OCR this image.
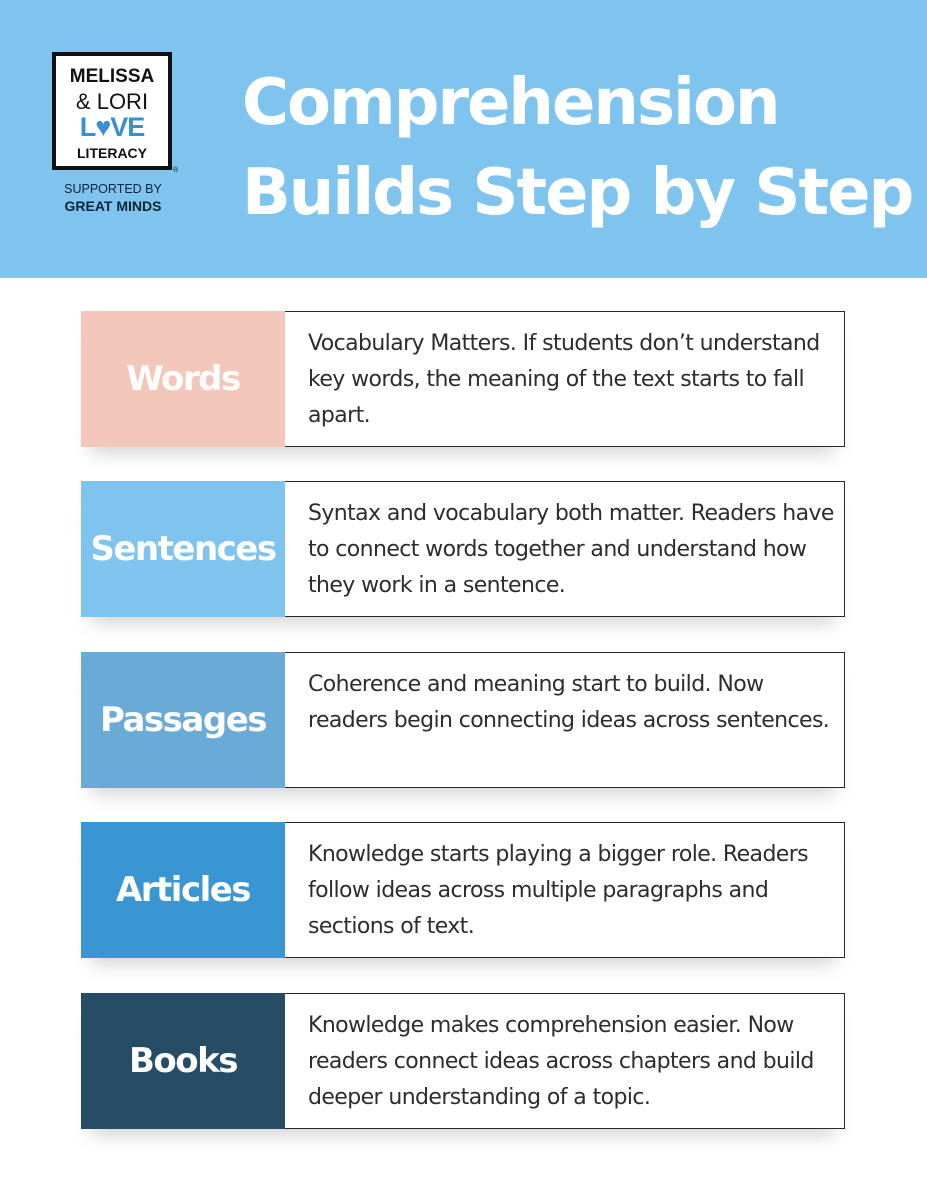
MELISSA
& LORI
L♥VE
LITERACY
®
SUPPORTED BY
GREAT MINDS
Comprehension
Builds Step by Step
Words
Vocabulary Matters. If students don’t understand key words, the meaning of the text starts to fall apart.
Sentences
Syntax and vocabulary both matter. Readers have to connect words together and understand how they work in a sentence.
Passages
Coherence and meaning start to build. Now readers begin connecting ideas across sentences.
Articles
Knowledge starts playing a bigger role. Readers follow ideas across multiple paragraphs and sections of text.
Books
Knowledge makes comprehension easier. Now readers connect ideas across chapters and build deeper understanding of a topic.
